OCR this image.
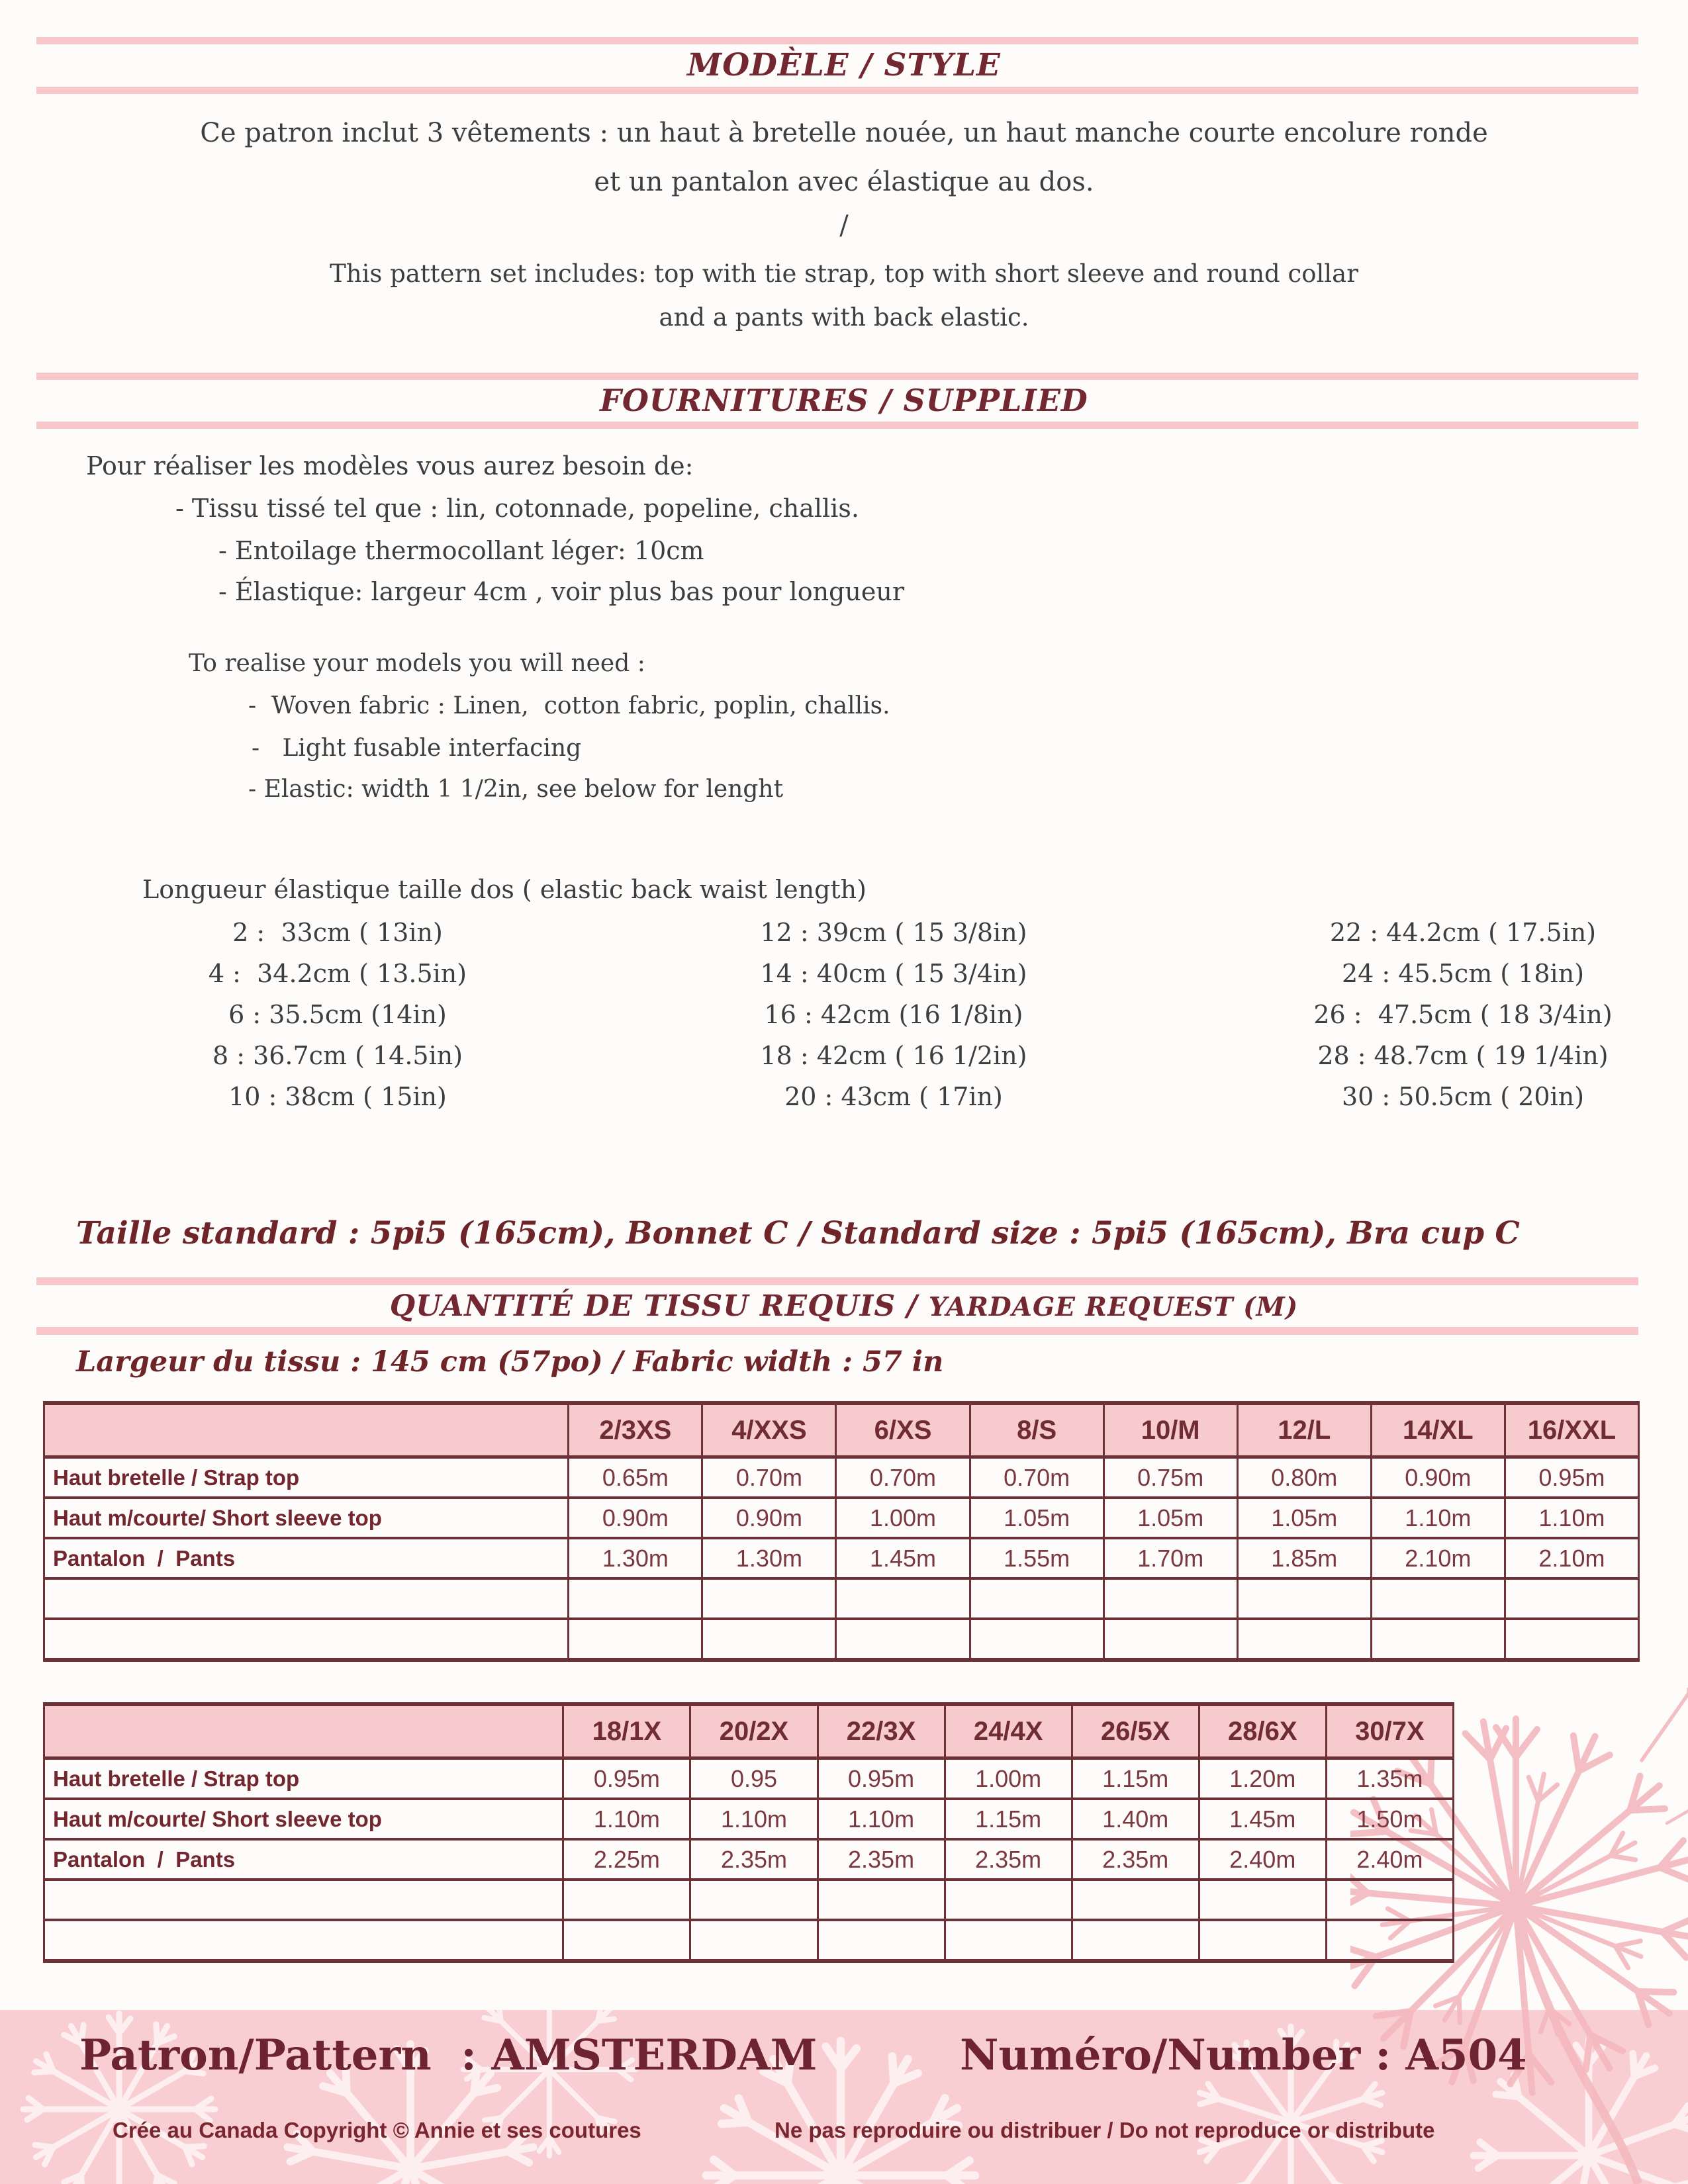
MODÈLE / STYLE
Ce patron inclut 3 vêtements : un haut à bretelle nouée, un haut manche courte encolure ronde
et un pantalon avec élastique au dos.
/
This pattern set includes: top with tie strap, top with short sleeve and round collar
and a pants with back elastic.
FOURNITURES / SUPPLIED
Pour réaliser les modèles vous aurez besoin de:
- Tissu tissé tel que : lin, cotonnade, popeline, challis.
- Entoilage thermocollant léger: 10cm
- Élastique: largeur 4cm , voir plus bas pour longueur
To realise your models you will need :
-  Woven fabric : Linen,  cotton fabric, poplin, challis.
-   Light fusable interfacing
- Elastic: width 1 1/2in, see below for lenght
Longueur élastique taille dos ( elastic back waist length)
2 :  33cm ( 13in)
4 :  34.2cm ( 13.5in)
6 : 35.5cm (14in)
8 : 36.7cm ( 14.5in)
10 : 38cm ( 15in)
12 : 39cm ( 15 3/8in)
14 : 40cm ( 15 3/4in)
16 : 42cm (16 1/8in)
18 : 42cm ( 16 1/2in)
20 : 43cm ( 17in)
22 : 44.2cm ( 17.5in)
24 : 45.5cm ( 18in)
26 :  47.5cm ( 18 3/4in)
28 : 48.7cm ( 19 1/4in)
30 : 50.5cm ( 20in)
Taille standard : 5pi5 (165cm), Bonnet C / Standard size : 5pi5 (165cm), Bra cup C
QUANTITÉ DE TISSU REQUIS / YARDAGE REQUEST (M)
Largeur du tissu : 145 cm (57po) / Fabric width : 57 in
	2/3XS	4/XXS	6/XS	8/S	10/M	12/L	14/XL	16/XXL
Haut bretelle / Strap top	0.65m	0.70m	0.70m	0.70m	0.75m	0.80m	0.90m	0.95m
Haut m/courte/ Short sleeve top	0.90m	0.90m	1.00m	1.05m	1.05m	1.05m	1.10m	1.10m
Pantalon  /  Pants	1.30m	1.30m	1.45m	1.55m	1.70m	1.85m	2.10m	2.10m

	18/1X	20/2X	22/3X	24/4X	26/5X	28/6X	30/7X
Haut bretelle / Strap top	0.95m	0.95	0.95m	1.00m	1.15m	1.20m	1.35m
Haut m/courte/ Short sleeve top	1.10m	1.10m	1.10m	1.15m	1.40m	1.45m	1.50m
Pantalon  /  Pants	2.25m	2.35m	2.35m	2.35m	2.35m	2.40m	2.40m

Patron/Pattern  : AMSTERDAM	Numéro/Number : A504
Crée au Canada Copyright © Annie et ses coutures	Ne pas reproduire ou distribuer / Do not reproduce or distribute
